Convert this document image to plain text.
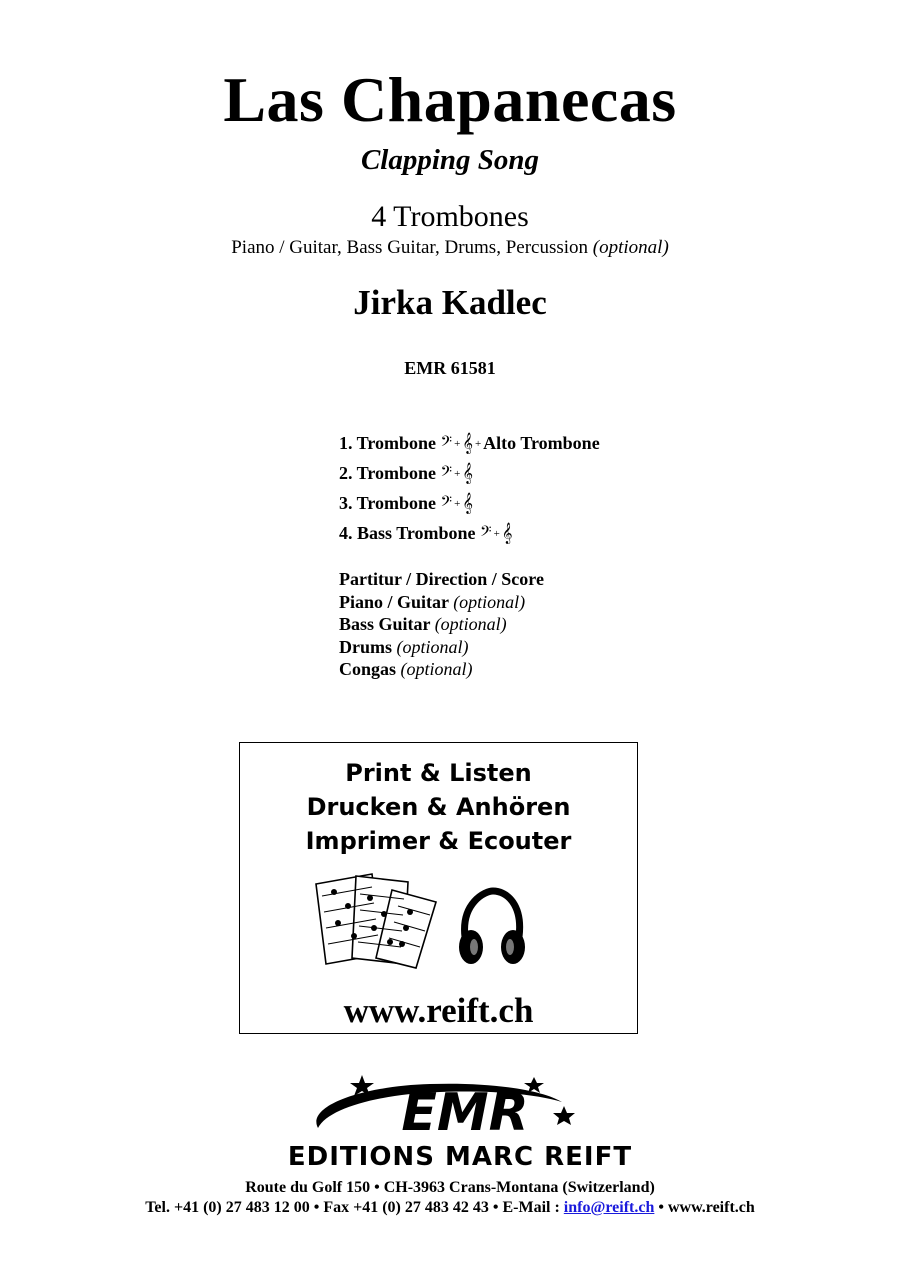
Las Chapanecas
Clapping Song
4 Trombones
Piano / Guitar, Bass Guitar, Drums, Percussion (optional)
Jirka Kadlec
EMR 61581
1. Trombone 𝄢 + 𝄞 + Alto Trombone
2. Trombone 𝄢 + 𝄞
3. Trombone 𝄢 + 𝄞
4. Bass Trombone 𝄢 + 𝄞
Partitur / Direction / Score
Piano / Guitar (optional)
Bass Guitar (optional)
Drums (optional)
Congas (optional)
Print & Listen
Drucken & Anhören
Imprimer & Ecouter
www.reift.ch
EMR
EDITIONS MARC REIFT
Route du Golf 150 • CH-3963 Crans-Montana (Switzerland)
Tel. +41 (0) 27 483 12 00 • Fax +41 (0) 27 483 42 43 • E-Mail : info@reift.ch • www.reift.ch
